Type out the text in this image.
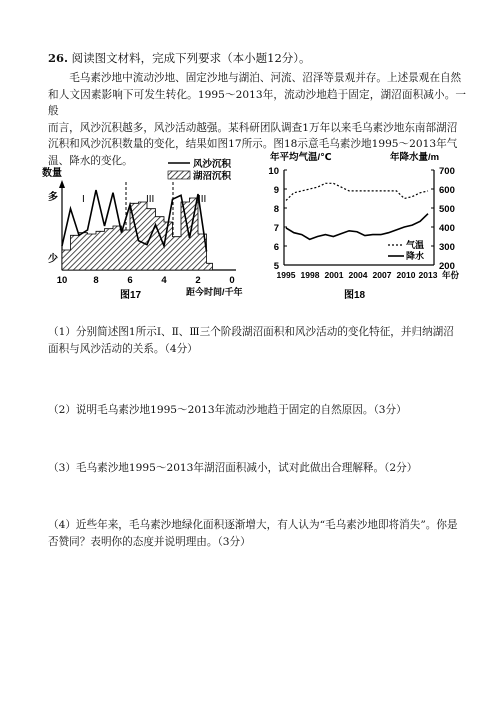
26. 阅读图文材料，完成下列要求（本小题12分）。

毛乌素沙地中流动沙地、固定沙地与湖泊、河流、沼泽等景观并存。上述景观在自然

和人文因素影响下可发生转化。1995～2013年，流动沙地趋于固定，湖沼面积减小。一般

而言，风沙沉积越多，风沙活动越强。某科研团队调查1万年以来毛乌素沙地东南部湖沼

沉积和风沙沉积数量的变化，结果如图17所示。图18示意毛乌素沙地1995～2013年气

温、降水的变化。

数量
多
少
I	III	III
风沙沉积
湖沼沉积
10	8	6	4	2	0
距今时间/千年
图17
年平均气温/℃	年降水量/m
10
9
8
7
6
5
700
600
500
400
300
200
气温
降水
1995 1998 2001 2004 2007 2010 2013 年份
图18
（1）分别简述图1所示Ⅰ、Ⅱ、Ⅲ三个阶段湖沼面积和风沙活动的变化特征，并归纳湖沼
面积与风沙活动的关系。（4分）
（2）说明毛乌素沙地1995～2013年流动沙地趋于固定的自然原因。（3分）
（3）毛乌素沙地1995～2013年湖沼面积减小，试对此做出合理解释。（2分）
（4）近些年来，毛乌素沙地绿化面积逐渐增大，有人认为“毛乌素沙地即将消失”。你是
否赞同？表明你的态度并说明理由。（3分）
